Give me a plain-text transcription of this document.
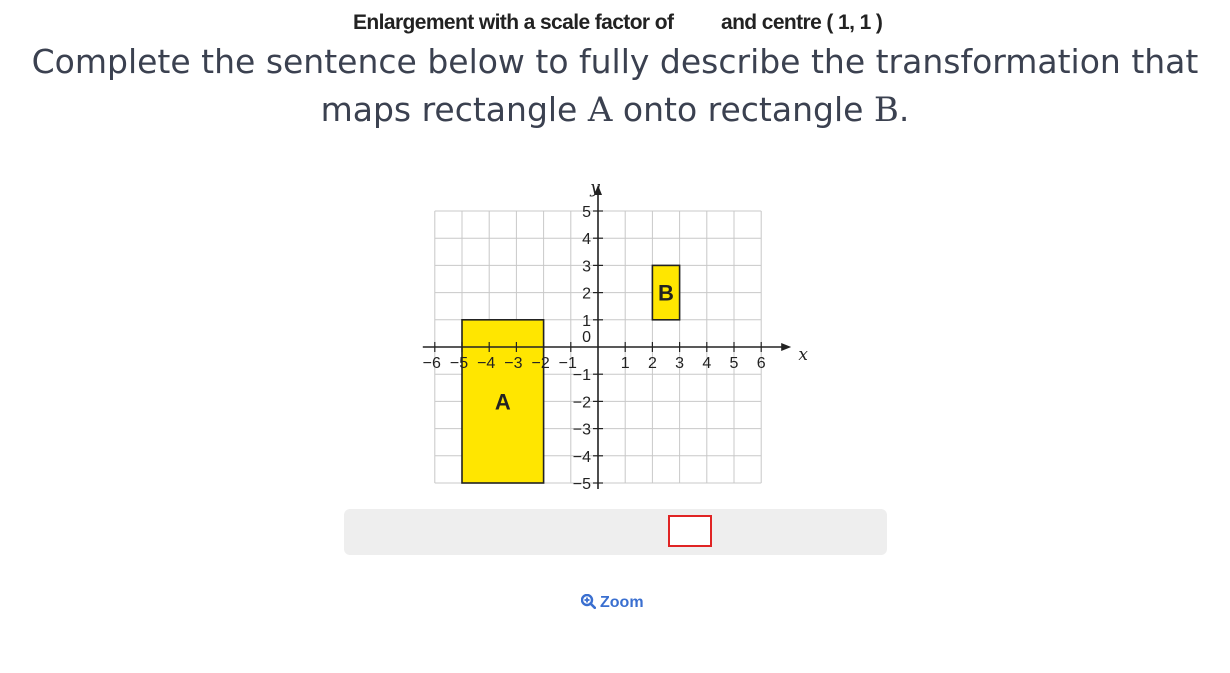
Complete the sentence below to fully describe the transformation that
maps rectangle A onto rectangle B.
A
B
x
y
−6 −5 −4 −3 −2 −1	1 2 3 4 5 6
−5
−4
−3
−2
−1
1
2
3
4
5
0
Enlargement with a scale factor of and centre ( 1, 1 )
Zoom
